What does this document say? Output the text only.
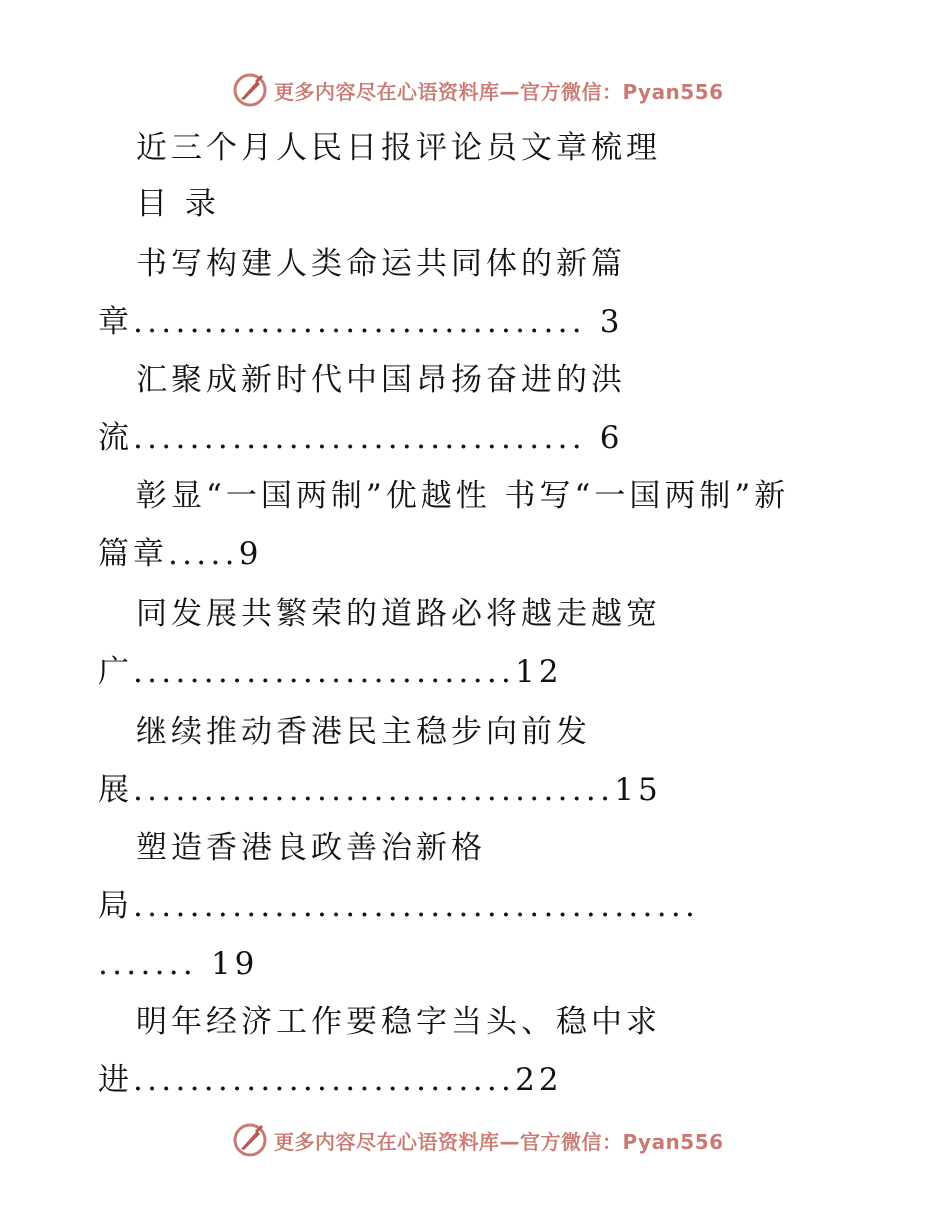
更多内容尽在心语资料库—官方微信：Pyan556
近三个月人民日报评论员文章梳理
目 录
书写构建人类命运共同体的新篇
章................................ 3
汇聚成新时代中国昂扬奋进的洪
流................................ 6
彰显“一国两制”优越性 书写“一国两制”新
篇章.....9
同发展共繁荣的道路必将越走越宽
广...........................12
继续推动香港民主稳步向前发
展..................................15
塑造香港良政善治新格
局........................................
....... 19
明年经济工作要稳字当头、稳中求
进...........................22
更多内容尽在心语资料库—官方微信：Pyan556
